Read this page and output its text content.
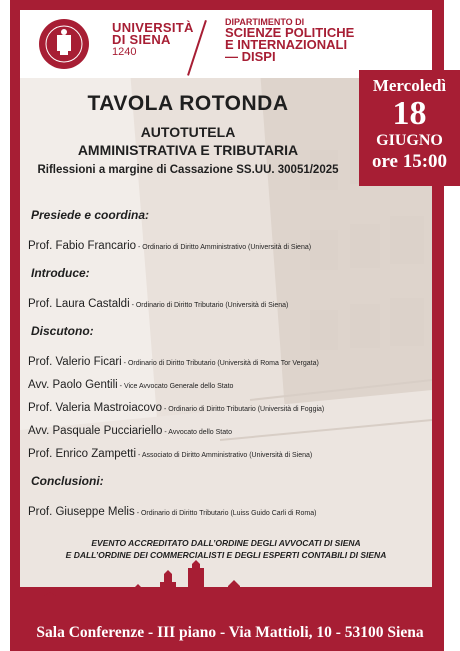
UNIVERSITÀ
DI SIENA
1240
DIPARTIMENTO DI
SCIENZE POLITICHE
E INTERNAZIONALI
— DISPI
Mercoledì
18
GIUGNO
ore 15:00
TAVOLA ROTONDA
AUTOTUTELA
AMMINISTRATIVA E TRIBUTARIA
Riflessioni a margine di Cassazione SS.UU. 30051/2025
Presiede e coordina:
Prof. Fabio Francario - Ordinario di Diritto Amministrativo (Università di Siena)
Introduce:
Prof. Laura Castaldi - Ordinario di Diritto Tributario (Università di Siena)
Discutono:
Prof. Valerio Ficari - Ordinario di Diritto Tributario (Università di Roma Tor Vergata)
Avv. Paolo Gentili - Vice Avvocato Generale dello Stato
Prof. Valeria Mastroiacovo - Ordinario di Diritto Tributario (Università di Foggia)
Avv. Pasquale Pucciariello - Avvocato dello Stato
Prof. Enrico Zampetti - Associato di Diritto Amministrativo (Università di Siena)
Conclusioni:
Prof. Giuseppe Melis - Ordinario di Diritto Tributario (Luiss Guido Carli di Roma)
EVENTO ACCREDITATO DALL’ORDINE DEGLI AVVOCATI DI SIENA
E DALL’ORDINE DEI COMMERCIALISTI E DEGLI ESPERTI CONTABILI DI SIENA
Sala Conferenze - III piano - Via Mattioli, 10 - 53100 Siena
